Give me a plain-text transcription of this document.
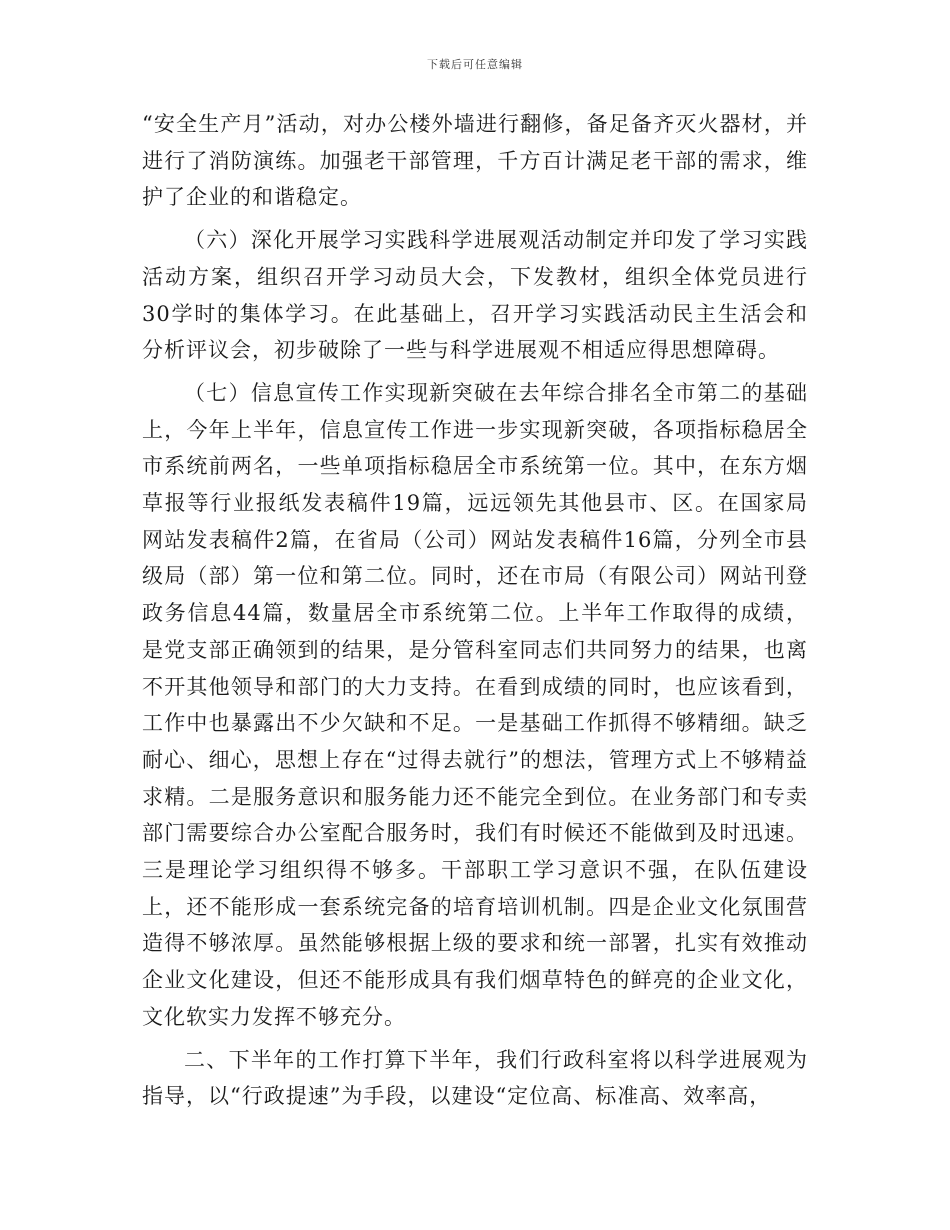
下载后可任意编辑

“安全生产月”活动，对办公楼外墙进行翻修，备足备齐灭火器材，并进行了消防演练。加强老干部管理，千方百计满足老干部的需求，维护了企业的和谐稳定。

（六）深化开展学习实践科学进展观活动制定并印发了学习实践活动方案，组织召开学习动员大会，下发教材，组织全体党员进行30学时的集体学习。在此基础上，召开学习实践活动民主生活会和分析评议会，初步破除了一些与科学进展观不相适应得思想障碍。

（七）信息宣传工作实现新突破在去年综合排名全市第二的基础上，今年上半年，信息宣传工作进一步实现新突破，各项指标稳居全市系统前两名，一些单项指标稳居全市系统第一位。其中，在东方烟草报等行业报纸发表稿件19篇，远远领先其他县市、区。在国家局网站发表稿件2篇，在省局（公司）网站发表稿件16篇，分列全市县级局（部）第一位和第二位。同时，还在市局（有限公司）网站刊登政务信息44篇，数量居全市系统第二位。上半年工作取得的成绩，是党支部正确领到的结果，是分管科室同志们共同努力的结果，也离不开其他领导和部门的大力支持。在看到成绩的同时，也应该看到，工作中也暴露出不少欠缺和不足。一是基础工作抓得不够精细。缺乏耐心、细心，思想上存在“过得去就行”的想法，管理方式上不够精益求精。二是服务意识和服务能力还不能完全到位。在业务部门和专卖部门需要综合办公室配合服务时，我们有时候还不能做到及时迅速。三是理论学习组织得不够多。干部职工学习意识不强，在队伍建设上，还不能形成一套系统完备的培育培训机制。四是企业文化氛围营造得不够浓厚。虽然能够根据上级的要求和统一部署，扎实有效推动企业文化建设，但还不能形成具有我们烟草特色的鲜亮的企业文化，文化软实力发挥不够充分。

二、下半年的工作打算下半年，我们行政科室将以科学进展观为指导，以“行政提速”为手段，以建设“定位高、标准高、效率高，
